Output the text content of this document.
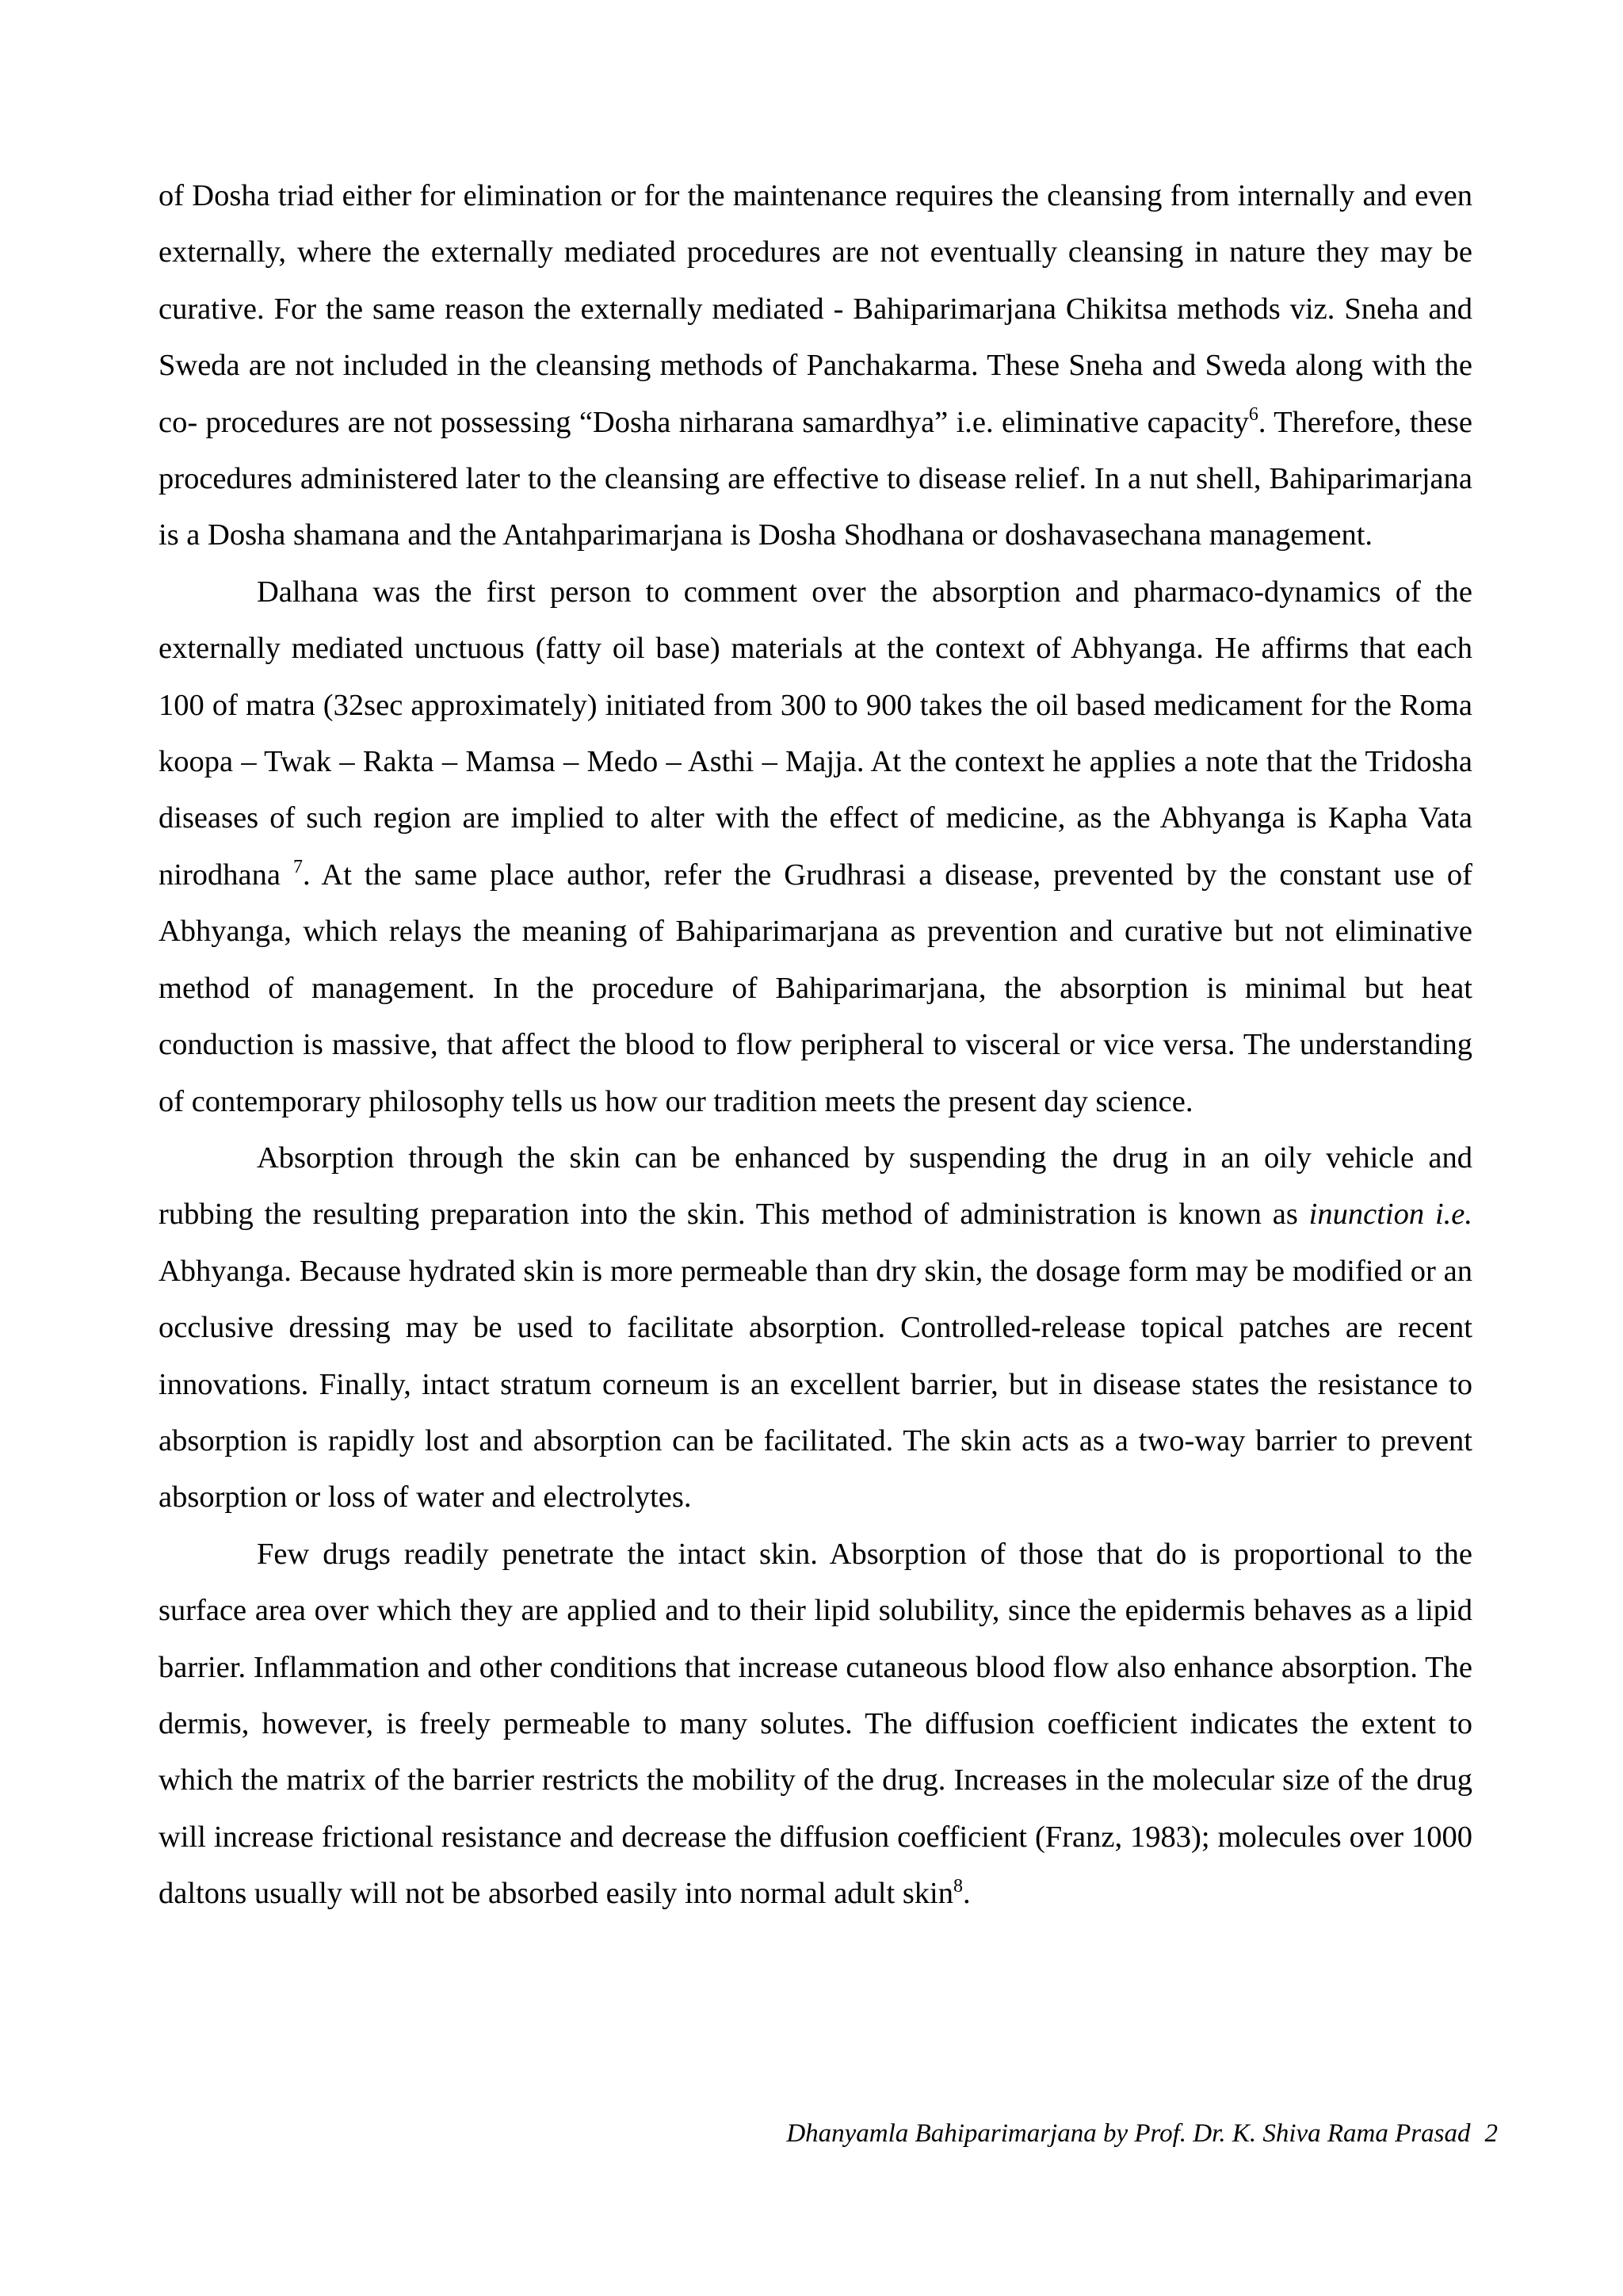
of Dosha triad either for elimination or for the maintenance requires the cleansing from internally and even externally, where the externally mediated procedures are not eventually cleansing in nature they may be curative. For the same reason the externally mediated - Bahiparimarjana Chikitsa methods viz. Sneha and Sweda are not included in the cleansing methods of Panchakarma. These Sneha and Sweda along with the co- procedures are not possessing “Dosha nirharana samardhya” i.e. eliminative capacity$^6$. Therefore, these procedures administered later to the cleansing are effective to disease relief. In a nut shell, Bahiparimarjana is a Dosha shamana and the Antahparimarjana is Dosha Shodhana or doshavasechana management.

Dalhana was the first person to comment over the absorption and pharmaco-dynamics of the externally mediated unctuous (fatty oil base) materials at the context of Abhyanga. He affirms that each 100 of matra (32sec approximately) initiated from 300 to 900 takes the oil based medicament for the Roma koopa – Twak – Rakta – Mamsa – Medo – Asthi – Majja. At the context he applies a note that the Tridosha diseases of such region are implied to alter with the effect of medicine, as the Abhyanga is Kapha Vata nirodhana $^7$. At the same place author, refer the Grudhrasi a disease, prevented by the constant use of Abhyanga, which relays the meaning of Bahiparimarjana as prevention and curative but not eliminative method of management. In the procedure of Bahiparimarjana, the absorption is minimal but heat conduction is massive, that affect the blood to flow peripheral to visceral or vice versa. The understanding of contemporary philosophy tells us how our tradition meets the present day science.

Absorption through the skin can be enhanced by suspending the drug in an oily vehicle and rubbing the resulting preparation into the skin. This method of administration is known as inunction i.e. Abhyanga. Because hydrated skin is more permeable than dry skin, the dosage form may be modified or an occlusive dressing may be used to facilitate absorption. Controlled-release topical patches are recent innovations. Finally, intact stratum corneum is an excellent barrier, but in disease states the resistance to absorption is rapidly lost and absorption can be facilitated. The skin acts as a two-way barrier to prevent absorption or loss of water and electrolytes.

Few drugs readily penetrate the intact skin. Absorption of those that do is proportional to the surface area over which they are applied and to their lipid solubility, since the epidermis behaves as a lipid barrier. Inflammation and other conditions that increase cutaneous blood flow also enhance absorption. The dermis, however, is freely permeable to many solutes. The diffusion coefficient indicates the extent to which the matrix of the barrier restricts the mobility of the drug. Increases in the molecular size of the drug will increase frictional resistance and decrease the diffusion coefficient (Franz, 1983); molecules over 1000 daltons usually will not be absorbed easily into normal adult skin$^8$.

Dhanyamla Bahiparimarjana by Prof. Dr. K. Shiva Rama Prasad 2
